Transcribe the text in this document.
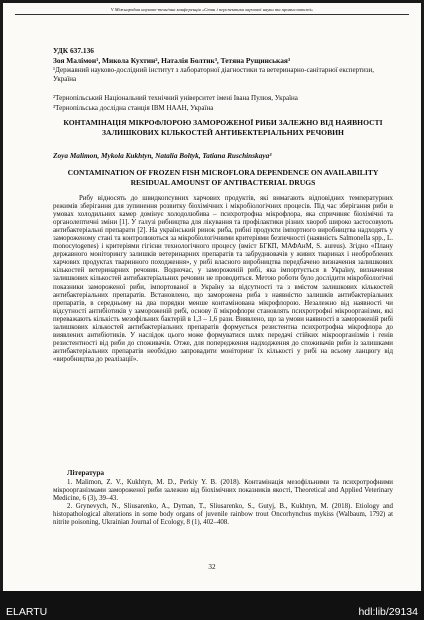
V Міжнародна науково-технічна конференція «Стан і перспективи харчової науки та промисловості»
УДК 637.136
Зоя Малімон¹, Микола Кухтин², Наталія Болтик³, Тетяна Рущинськая³
¹Державний науково-дослідний інститут з лабораторної діагностики та ветеринарно-санітарної експертизи, Україна
²Тернопільський Національний технічний університет імені Івана Пулюя, Україна
³Тернопільська дослідна станція ІВМ НААН, Україна
КОНТАМІНАЦІЯ МІКРОФЛОРОЮ ЗАМОРОЖЕНОЇ РИБИ ЗАЛЕЖНО ВІД НАЯВНОСТІ ЗАЛИШКОВИХ КІЛЬКОСТЕЙ АНТИБЕКТЕРІАЛЬНИХ РЕЧОВИН
Zoya Malimon, Mykola Kukhtyn, Natalia Boltyk, Tatiana Ruschinskaya³
CONTAMINATION OF FROZEN FISH MICROFLORA DEPENDENCE ON AVAILABILITY RESIDUAL AMOUNST OF ANTIBACTERIAL DRUGS

Рибу відносять до швидкопсувних харчових продуктів, які вимагають відповідних температурних режимів зберігання для зупинення розвитку біохімічних і мікробіологічних процесів. Під час зберігання риби в умовах холодильних камер домінує холодолюбива – психротрофна мікрофлора, яка спричиняє біохімічні та органолептичні зміни [1]. У галузі рибництва для лікування та профілактики різних хвороб широко застосовують антибактеріальні препарати [2]. На український ринок риба, рибні продукти імпортного виробництва надходять у замороженому стані та контролюються за мікробіологічними критеріями безпечності (наявність Salmonella spp., L. monocytogenes) і критеріями гігієни технологічного процесу (вміст БГКП, МАФАнМ, S. aureus). Згідно «Плану державного моніторингу залишків ветеринарних препаратів та забруднювачів у живих тваринах і необроблених харчових продуктах тваринного походження», у рибі власного виробництва передбачено визначення залишкових кількостей ветеринарних речовин. Водночас, у замороженій рибі, яка імпортується в Україну, визначення залишкових кількостей антибактеріальних речовин не проводиться. Метою роботи було дослідити мікробіологічні показники замороженої риби, імпортованої в Україну за відсутності та з вмістом залишкових кількостей антибактеріальних препаратів. Встановлено, що заморожена риба з наявністю залишків антибактеріальних препаратів, в середньому на два порядки менше контамінована мікрофлорою. Незалежно від наявності чи відсутності антибіотиків у замороженій рибі, основу її мікрофлори становлять психротрофні мікроорганізми, які переважають кількість мезофільних бактерій в 1,3 – 1,6 рази. Виявлено, що за умови наявності в замороженій рибі залишкових кількостей антибактеріальних препаратів формується резистентна психротрофна мікрофлора до виявлених антибіотиків. У наслідок цього може формуватися шлях передачі стійких мікроорганізмів і генів резистентності від риби до споживачів. Отже, для попередження надходження до споживачів риби із залишками антибактеріальних препаратів необхідно запровадити моніторинг їх кількості у рибі на всьому ланцюгу від «виробництва до реалізації».

Література

1. Malimon, Z. V., Kukhtyn, M. D., Perkiy Y. B. (2018). Контамінація мезофільними та психротрофними мікроорганізмами замороженої риби залежно від біохімічних показників якості, Theoretical and Applied Veterinary Medicine, 6 (3), 39–43.

2. Grynevych, N., Sliusarenko, A., Dyman, T., Sliusarenko, S., Gutyj, B., Kukhtyn, M. (2018). Etiology and histopathological alterations in some body organs of juvenile rainbow trout Oncorhynchus mykiss (Walbaum, 1792) at nitrite poisoning, Ukrainian Journal of Ecology, 8 (1), 402–408.

32
ELARTU	hdl:lib/29134
